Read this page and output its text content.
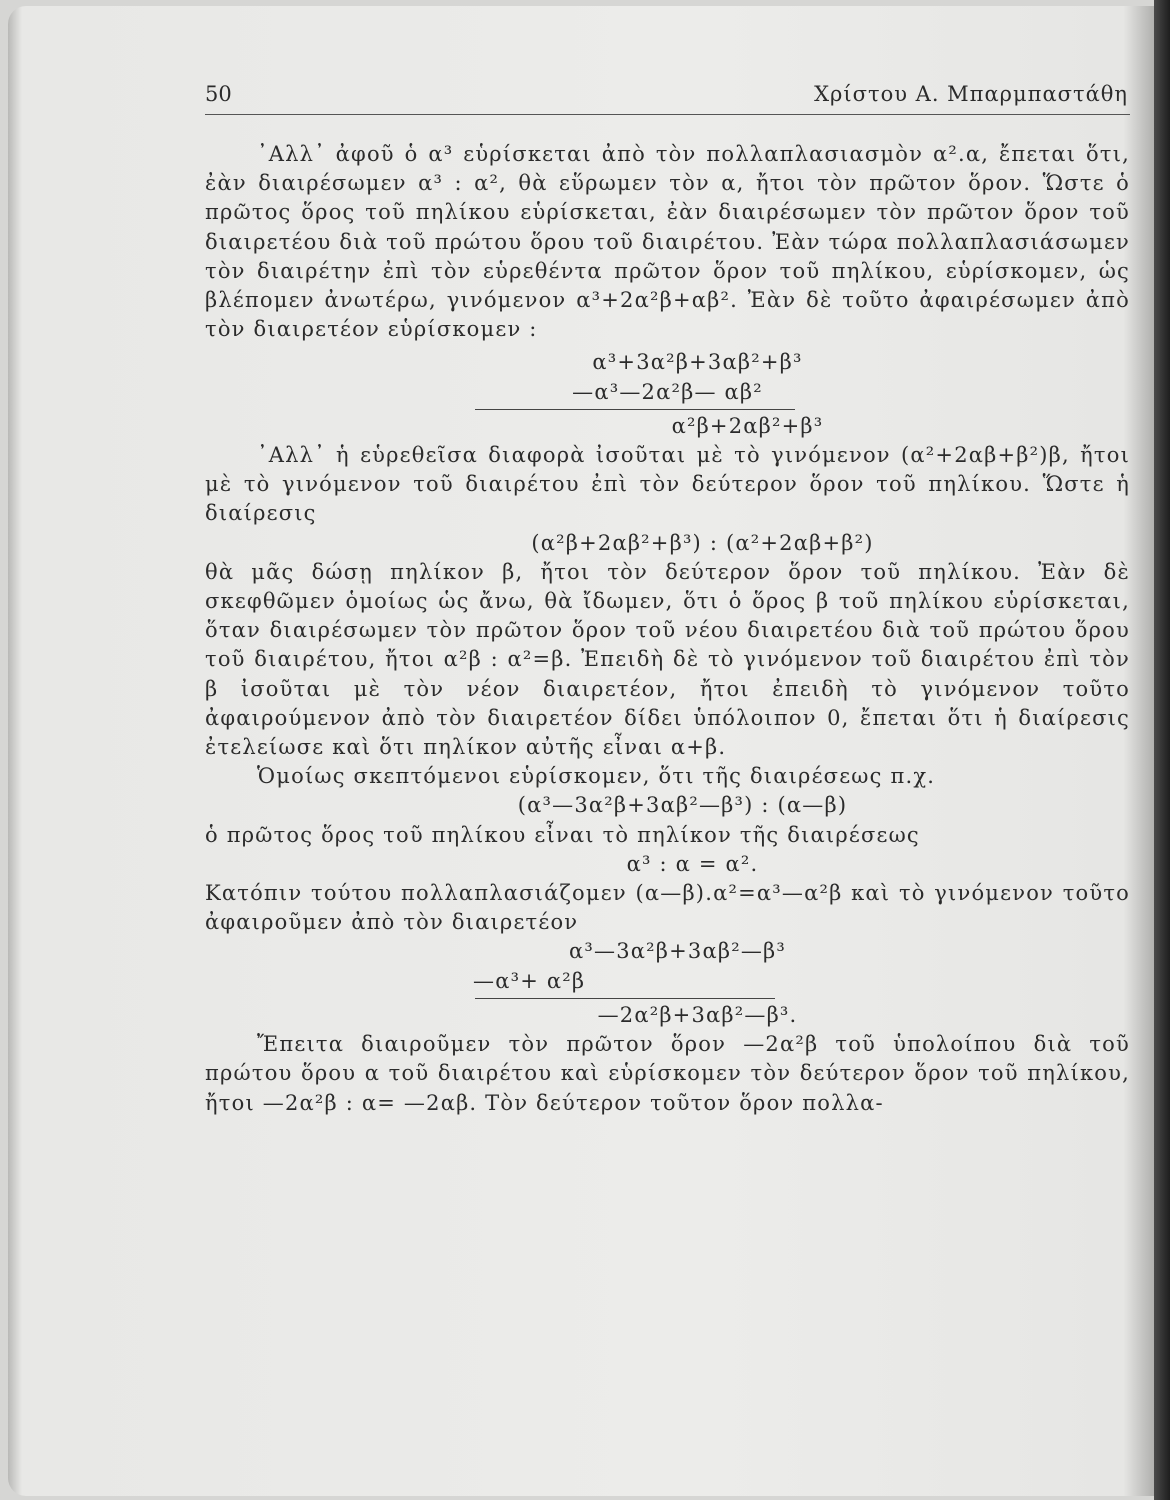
50	Χρίστου Α. Μπαρμπαστάθη

᾿Αλλ᾿ ἀφοῦ ὁ α³ εὑρίσκεται ἀπὸ τὸν πολλαπλασιασμὸν α².α, ἔπεται ὅτι, ἐὰν διαιρέσωμεν α³ : α², θὰ εὕρωμεν τὸν α, ἤτοι τὸν πρῶτον ὅρον. Ὥστε ὁ πρῶτος ὅρος τοῦ πηλίκου εὑρίσκεται, ἐὰν διαιρέσωμεν τὸν πρῶτον ὅρον τοῦ διαιρετέου διὰ τοῦ πρώτου ὅρου τοῦ διαιρέτου. Ἐὰν τώρα πολλαπλασιάσωμεν τὸν διαιρέτην ἐπὶ τὸν εὑρεθέντα πρῶτον ὅρον τοῦ πηλίκου, εὑρίσκομεν, ὡς βλέπομεν ἀνωτέρω, γινόμενον α³+2α²β+αβ². Ἐὰν δὲ τοῦτο ἀφαιρέσωμεν ἀπὸ τὸν διαιρετέον εὑρίσκομεν :

α³+3α²β+3αβ²+β³

—α³—2α²β— αβ²

α²β+2αβ²+β³

᾿Αλλ᾿ ἡ εὑρεθεῖσα διαφορὰ ἰσοῦται μὲ τὸ γινόμενον (α²+2αβ+β²)β, ἤτοι μὲ τὸ γινόμενον τοῦ διαιρέτου ἐπὶ τὸν δεύτερον ὅρον τοῦ πηλίκου. Ὥστε ἡ διαίρεσις

(α²β+2αβ²+β³) : (α²+2αβ+β²)

θὰ μᾶς δώσῃ πηλίκον β, ἤτοι τὸν δεύτερον ὅρον τοῦ πηλίκου. Ἐὰν δὲ σκεφθῶμεν ὁμοίως ὡς ἄνω, θὰ ἴδωμεν, ὅτι ὁ ὅρος β τοῦ πηλίκου εὑρίσκεται, ὅταν διαιρέσωμεν τὸν πρῶτον ὅρον τοῦ νέου διαιρετέου διὰ τοῦ πρώτου ὅρου τοῦ διαιρέτου, ἤτοι α²β : α²=β. Ἐπειδὴ δὲ τὸ γινόμενον τοῦ διαιρέτου ἐπὶ τὸν β ἰσοῦται μὲ τὸν νέον διαιρετέον, ἤτοι ἐπειδὴ τὸ γινόμενον τοῦτο ἀφαιρούμενον ἀπὸ τὸν διαιρετέον δίδει ὑπόλοιπον 0, ἔπεται ὅτι ἡ διαίρεσις ἐτελείωσε καὶ ὅτι πηλίκον αὐτῆς εἶναι α+β.

Ὁμοίως σκεπτόμενοι εὑρίσκομεν, ὅτι τῆς διαιρέσεως π.χ.

(α³—3α²β+3αβ²—β³) : (α—β)

ὁ πρῶτος ὅρος τοῦ πηλίκου εἶναι τὸ πηλίκον τῆς διαιρέσεως

α³ : α = α².

Κατόπιν τούτου πολλαπλασιάζομεν (α—β).α²=α³—α²β καὶ τὸ γινόμενον τοῦτο ἀφαιροῦμεν ἀπὸ τὸν διαιρετέον

α³—3α²β+3αβ²—β³

—α³+ α²β

—2α²β+3αβ²—β³.

Ἔπειτα διαιροῦμεν τὸν πρῶτον ὅρον —2α²β τοῦ ὑπολοίπου διὰ τοῦ πρώτου ὅρου α τοῦ διαιρέτου καὶ εὑρίσκομεν τὸν δεύτερον ὅρον τοῦ πηλίκου, ἤτοι —2α²β : α= —2αβ. Τὸν δεύτερον τοῦτον ὅρον πολλα-
